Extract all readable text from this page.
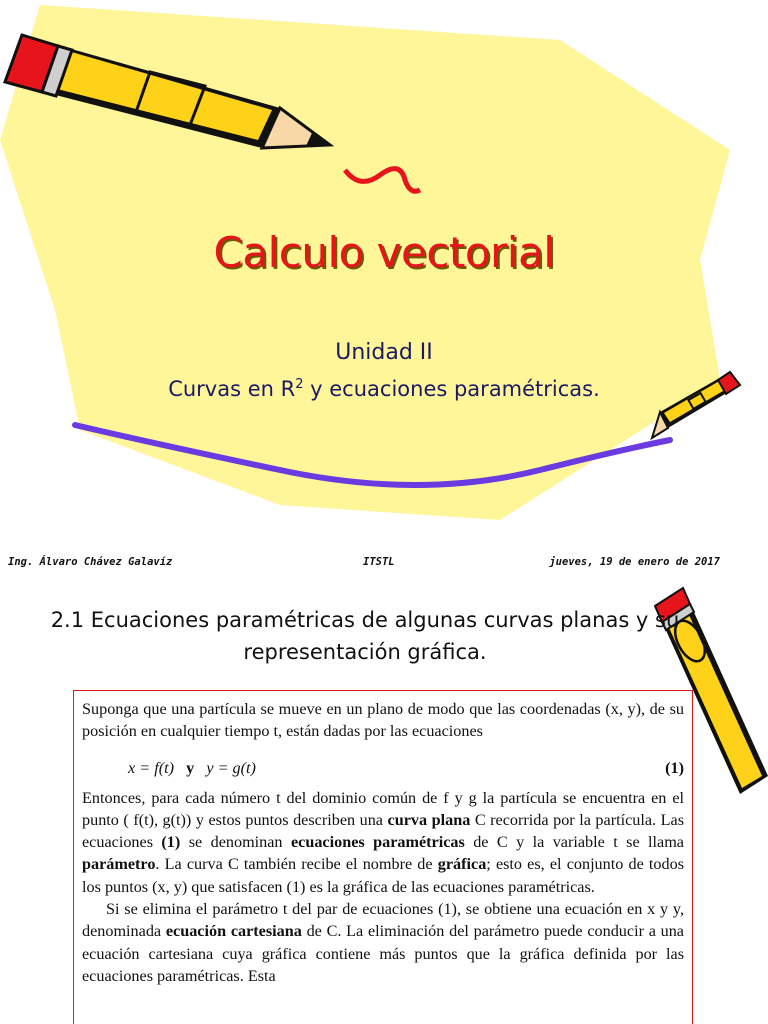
Calculo vectorial
Unidad II
Curvas en $R^2$ y ecuaciones paramétricas.
Ing. Álvaro Chávez Galavíz	ITSTL	jueves, 19 de enero de 2017
2.1 Ecuaciones paramétricas de algunas curvas planas y su representación gráfica.

Suponga que una partícula se mueve en un plano de modo que las coordenadas (x, y), de su posición en cualquier tiempo t, están dadas por las ecuaciones

x = f(t) y y = g(t)	(1)

Entonces, para cada número t del dominio común de f y g la partícula se encuentra en el punto ( f(t), g(t)) y estos puntos describen una curva plana C recorrida por la partícula. Las ecuaciones (1) se denominan ecuaciones paramétricas de C y la variable t se llama parámetro. La curva C también recibe el nombre de gráfica; esto es, el conjunto de todos los puntos (x, y) que satisfacen (1) es la gráfica de las ecuaciones paramétricas.

Si se elimina el parámetro t del par de ecuaciones (1), se obtiene una ecuación en x y y, denominada ecuación cartesiana de C. La eliminación del parámetro puede conducir a una ecuación cartesiana cuya gráfica contiene más puntos que la gráfica definida por las ecuaciones paramétricas. Esta
